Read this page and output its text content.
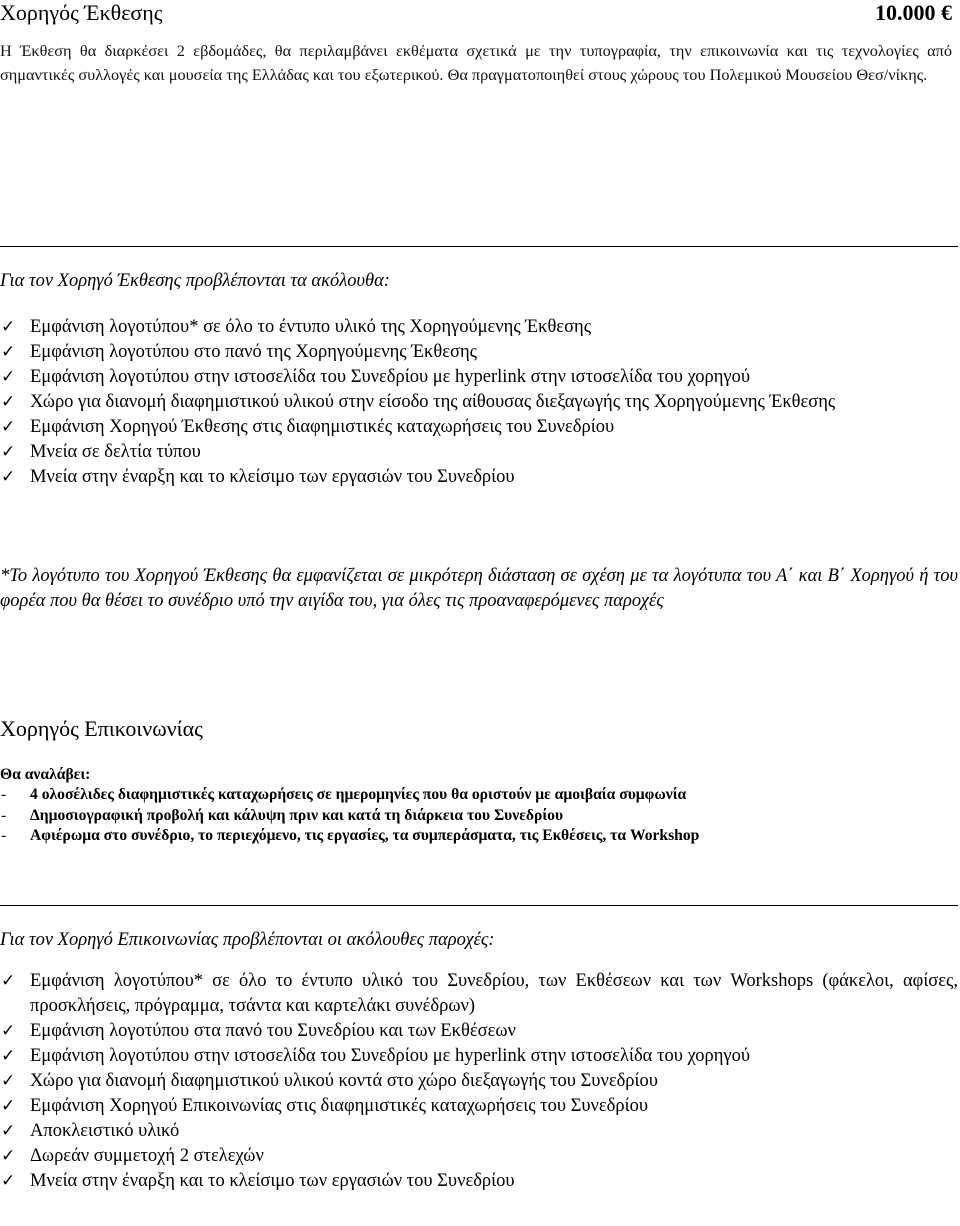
Χορηγός Έκθεσης	10.000 €
Η Έκθεση θα διαρκέσει 2 εβδομάδες, θα περιλαμβάνει εκθέματα σχετικά με την τυπογραφία, την επικοινωνία και τις τεχνολογίες από σημαντικές συλλογές και μουσεία της Ελλάδας και του εξωτερικού. Θα πραγματοποιηθεί στους χώρους του Πολεμικού Μουσείου Θεσ/νίκης.
Για τον Χορηγό Έκθεσης προβλέπονται τα ακόλουθα:
✓ Εμφάνιση λογοτύπου* σε όλο το έντυπο υλικό της Χορηγούμενης Έκθεσης
✓ Εμφάνιση λογοτύπου στο πανό της Χορηγούμενης Έκθεσης
✓ Εμφάνιση λογοτύπου στην ιστοσελίδα του Συνεδρίου με hyperlink στην ιστοσελίδα του χορηγού
✓ Χώρο για διανομή διαφημιστικού υλικού στην είσοδο της αίθουσας διεξαγωγής της Χορηγούμενης Έκθεσης
✓ Εμφάνιση Χορηγού Έκθεσης στις διαφημιστικές καταχωρήσεις του Συνεδρίου
✓ Μνεία σε δελτία τύπου
✓ Μνεία στην έναρξη και το κλείσιμο των εργασιών του Συνεδρίου
*Το λογότυπο του Χορηγού Έκθεσης θα εμφανίζεται σε μικρότερη διάσταση σε σχέση με τα λογότυπα του Α΄ και Β΄ Χορηγού ή του φορέα που θα θέσει το συνέδριο υπό την αιγίδα του, για όλες τις προαναφερόμενες παροχές
Χορηγός Επικοινωνίας
Θα αναλάβει:
- 4 ολοσέλιδες διαφημιστικές καταχωρήσεις σε ημερομηνίες που θα οριστούν με αμοιβαία συμφωνία
- Δημοσιογραφική προβολή και κάλυψη πριν και κατά τη διάρκεια του Συνεδρίου
- Αφιέρωμα στο συνέδριο, το περιεχόμενο, τις εργασίες, τα συμπεράσματα, τις Εκθέσεις, τα Workshop
Για τον Χορηγό Επικοινωνίας προβλέπονται οι ακόλουθες παροχές:
✓ Εμφάνιση λογοτύπου* σε όλο το έντυπο υλικό του Συνεδρίου, των Εκθέσεων και των Workshops (φάκελοι, αφίσες, προσκλήσεις, πρόγραμμα, τσάντα και καρτελάκι συνέδρων)
✓ Εμφάνιση λογοτύπου στα πανό του Συνεδρίου και των Εκθέσεων
✓ Εμφάνιση λογοτύπου στην ιστοσελίδα του Συνεδρίου με hyperlink στην ιστοσελίδα του χορηγού
✓ Χώρο για διανομή διαφημιστικού υλικού κοντά στο χώρο διεξαγωγής του Συνεδρίου
✓ Εμφάνιση Χορηγού Επικοινωνίας στις διαφημιστικές καταχωρήσεις του Συνεδρίου
✓ Αποκλειστικό υλικό
✓ Δωρεάν συμμετοχή 2 στελεχών
✓ Μνεία στην έναρξη και το κλείσιμο των εργασιών του Συνεδρίου
